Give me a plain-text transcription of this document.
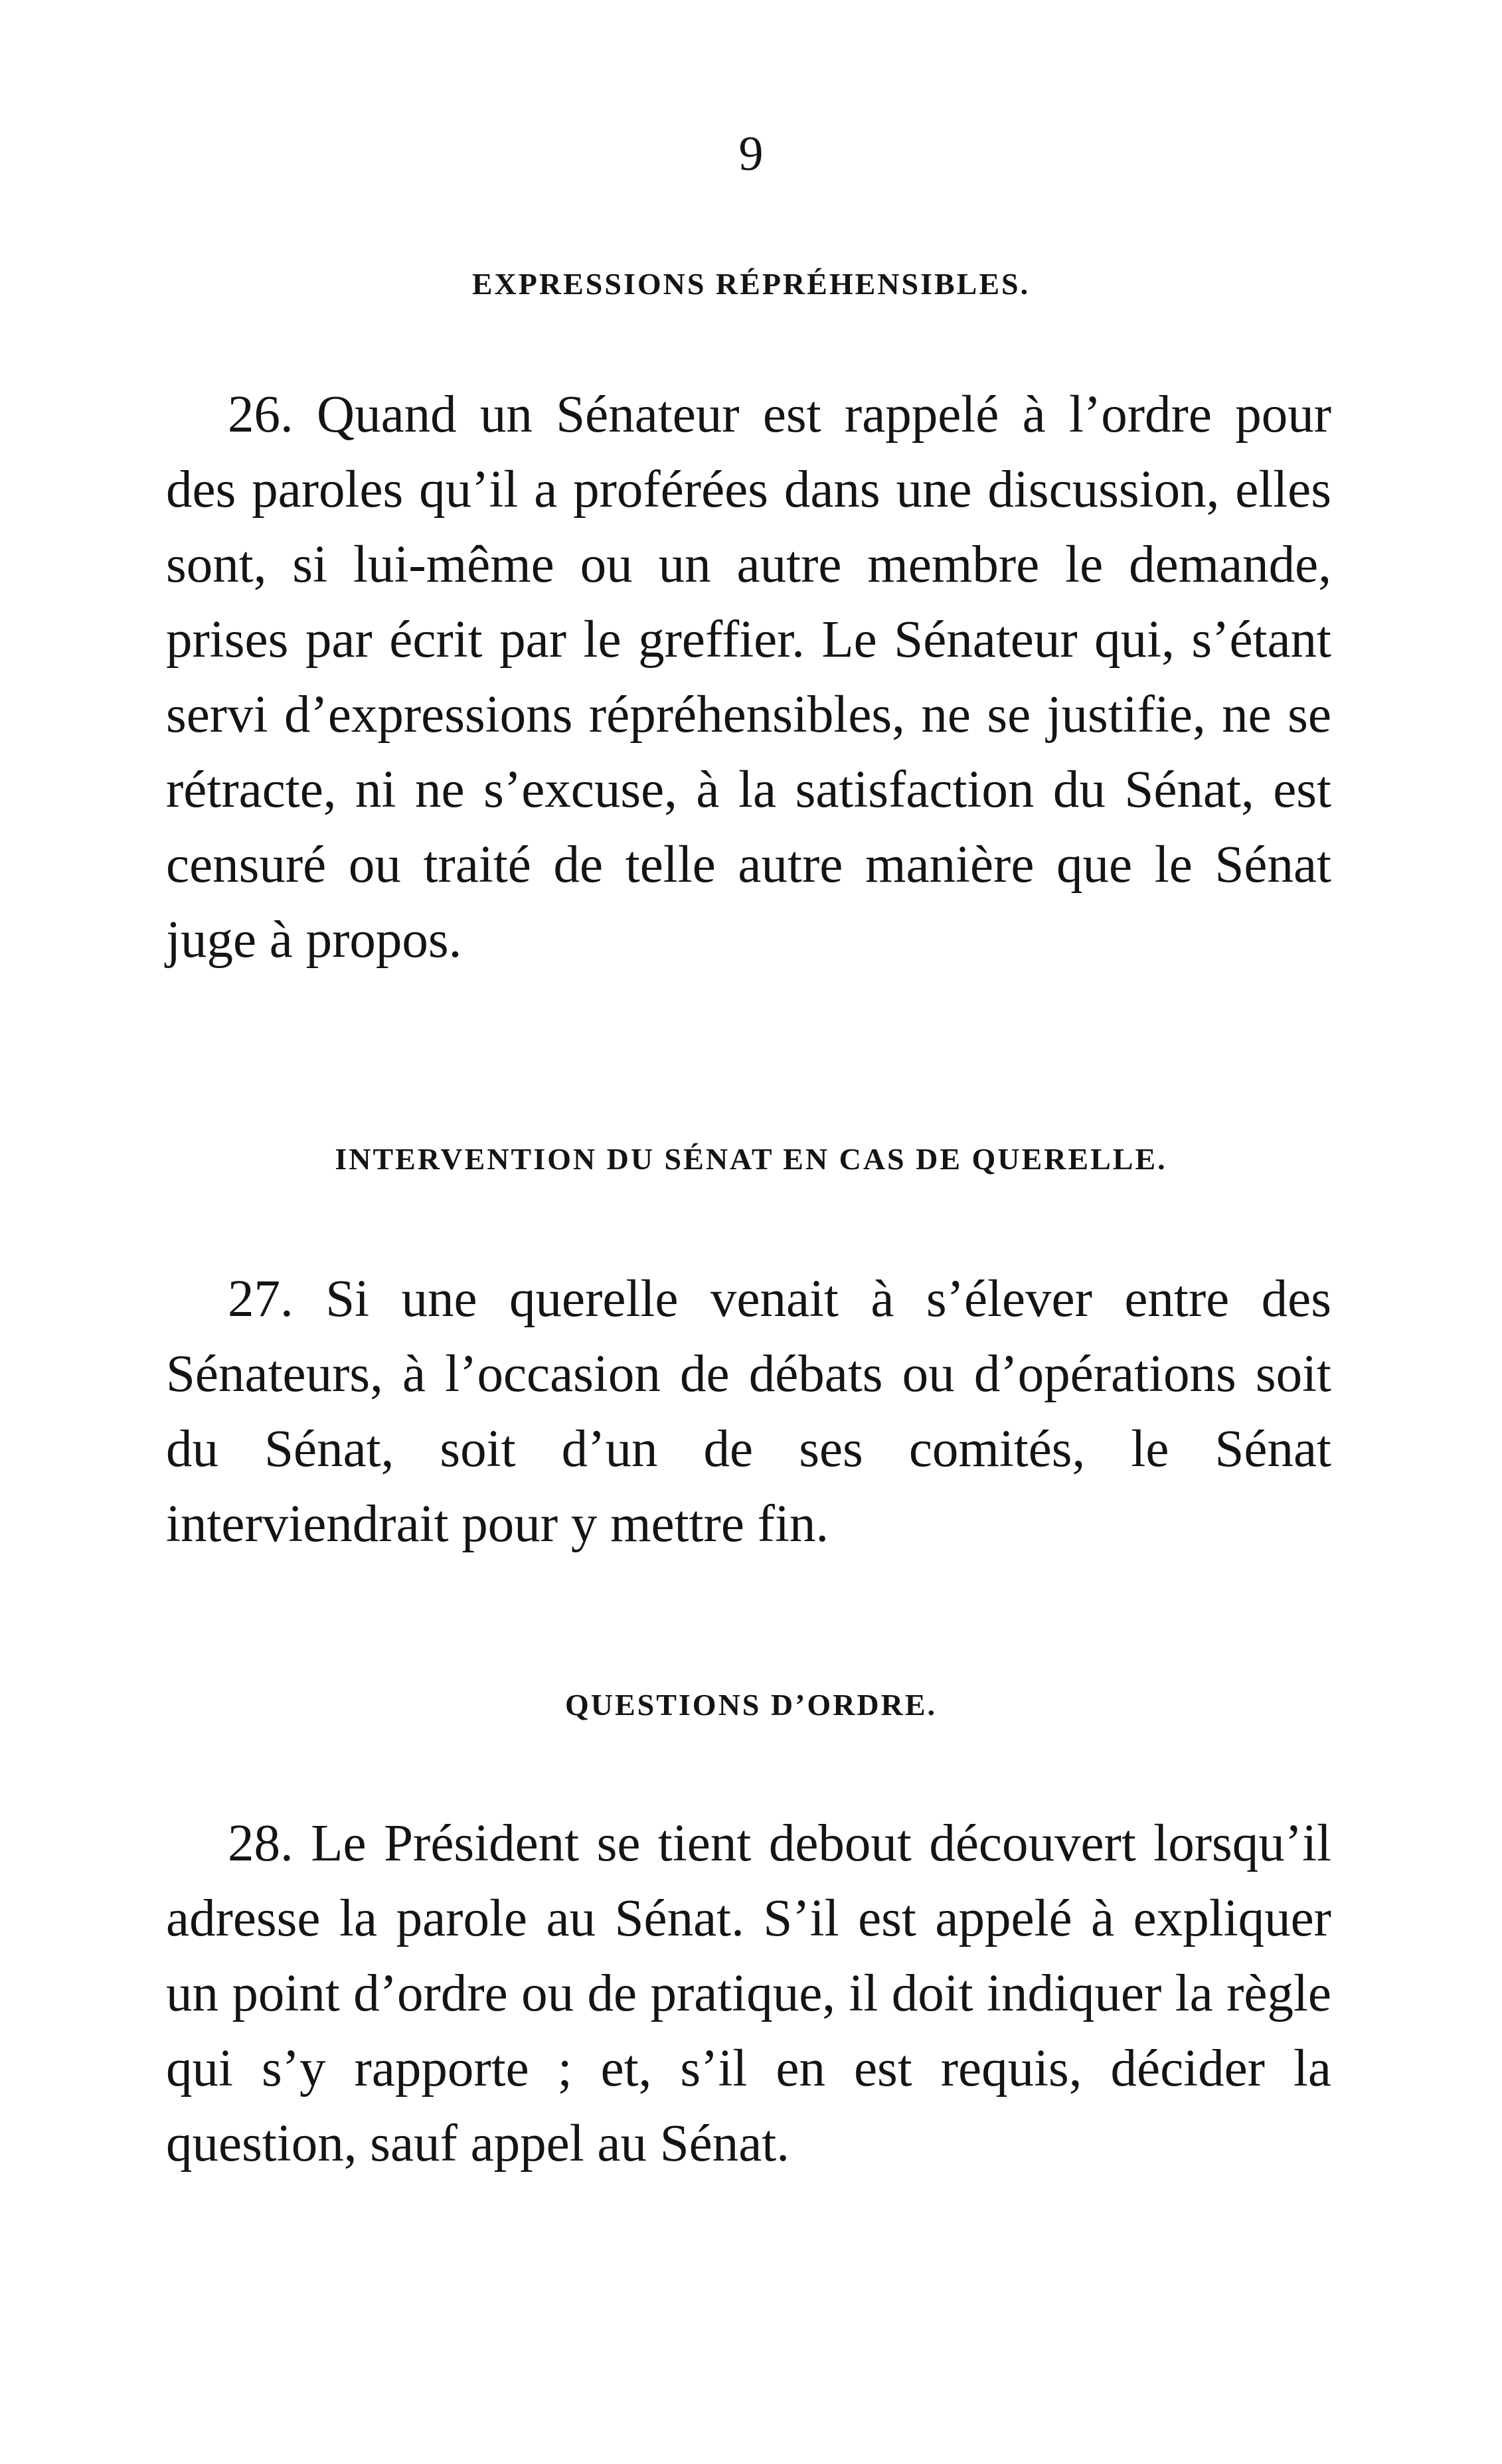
9
EXPRESSIONS RÉPRÉHENSIBLES.

26. Quand un Sénateur est rappelé à l’ordre pour des paroles qu’il a proférées dans une discussion, elles sont, si lui-même ou un autre membre le demande, prises par écrit par le greffier. Le Sénateur qui, s’étant servi d’expressions répréhensibles, ne se justifie, ne se rétracte, ni ne s’excuse, à la satisfaction du Sénat, est censuré ou traité de telle autre manière que le Sénat juge à propos.

INTERVENTION DU SÉNAT EN CAS DE QUERELLE.

27. Si une querelle venait à s’élever entre des Sénateurs, à l’occasion de débats ou d’opérations soit du Sénat, soit d’un de ses comités, le Sénat interviendrait pour y mettre fin.

QUESTIONS D’ORDRE.

28. Le Président se tient debout découvert lorsqu’il adresse la parole au Sénat. S’il est appelé à expliquer un point d’ordre ou de pratique, il doit indiquer la règle qui s’y rapporte ; et, s’il en est requis, décider la question, sauf appel au Sénat.
